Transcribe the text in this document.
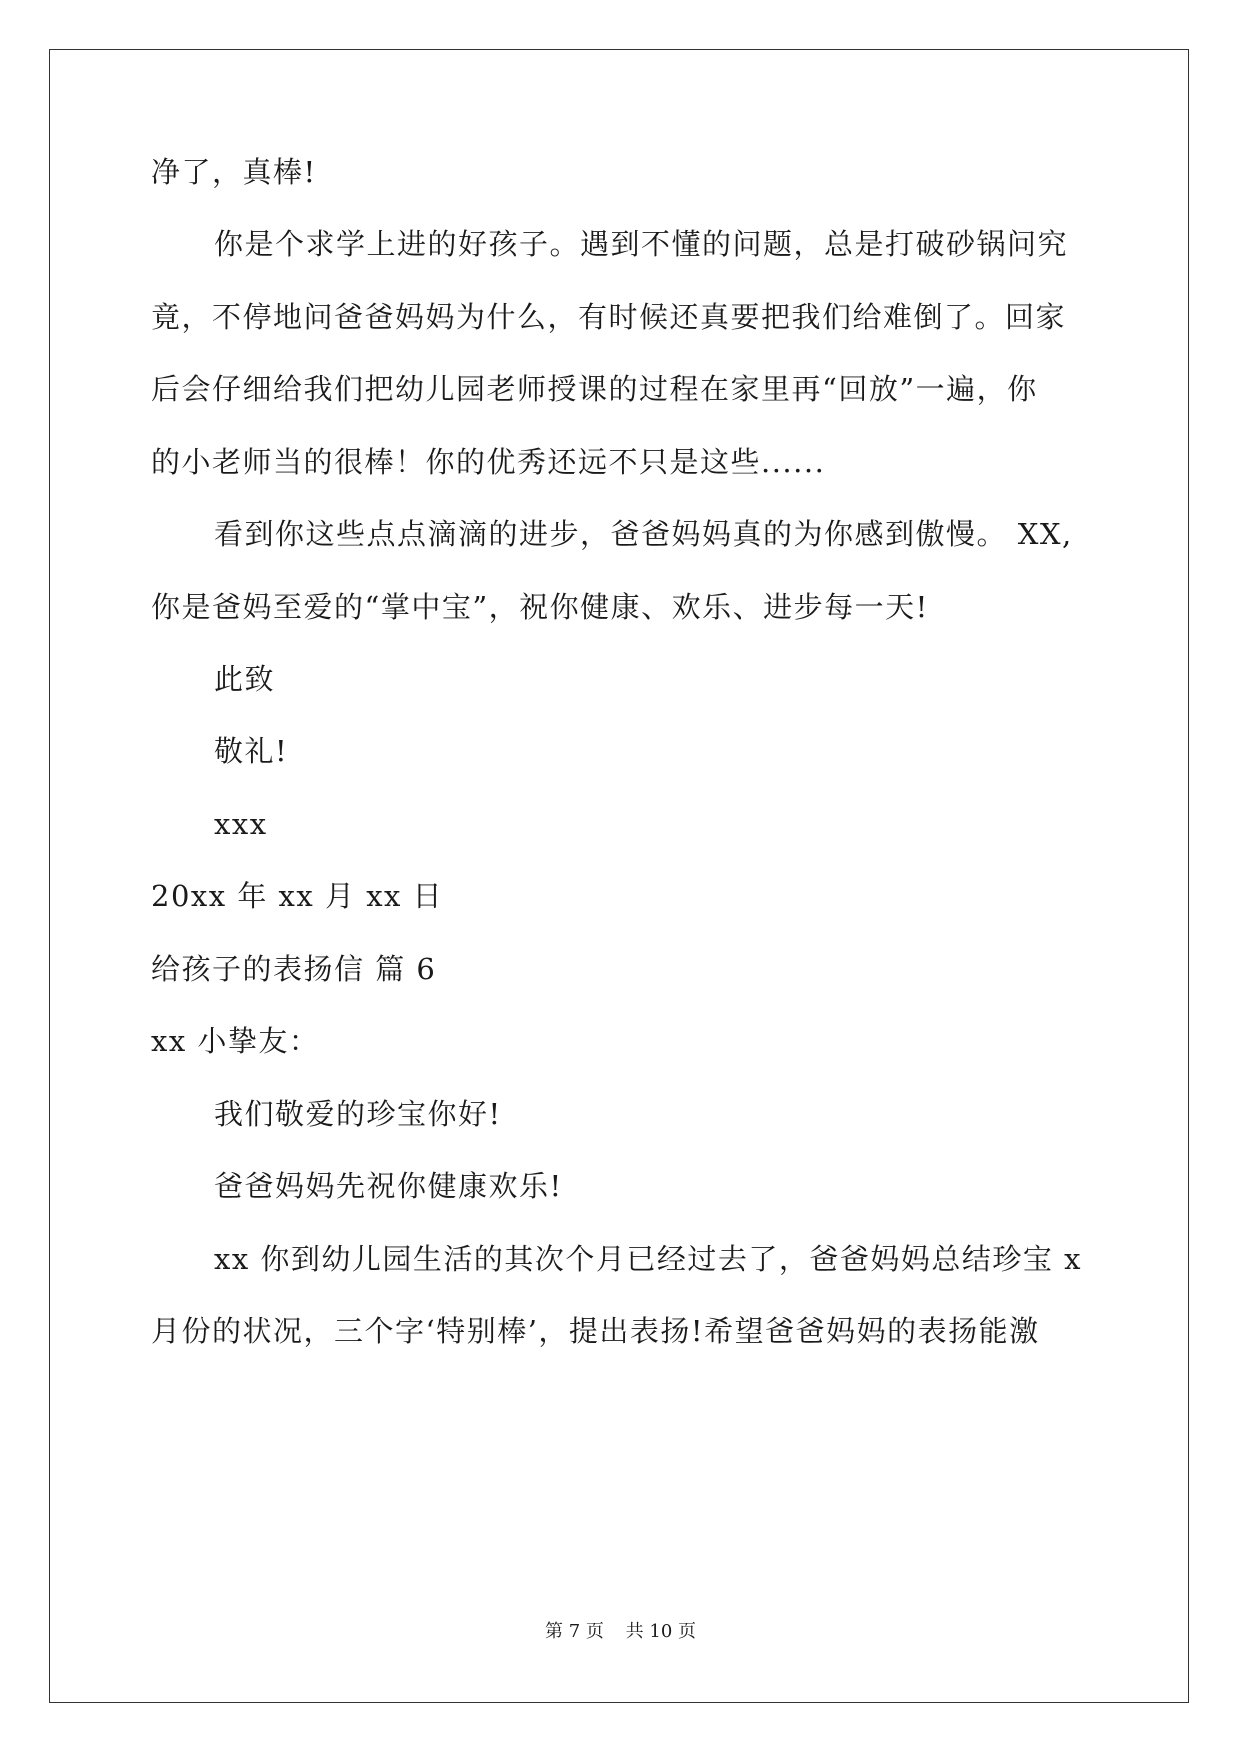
净了，真棒!
你是个求学上进的好孩子。遇到不懂的问题，总是打破砂锅问究
竟，不停地问爸爸妈妈为什么，有时候还真要把我们给难倒了。回家
后会仔细给我们把幼儿园老师授课的过程在家里再“回放”一遍，你
的小老师当的很棒！你的优秀还远不只是这些......
看到你这些点点滴滴的进步，爸爸妈妈真的为你感到傲慢。 XX,
你是爸妈至爱的“掌中宝”，祝你健康、欢乐、进步每一天!
此致
敬礼!
xxx
20xx 年 xx 月 xx 日
给孩子的表扬信 篇 6
xx 小挚友：
我们敬爱的珍宝你好!
爸爸妈妈先祝你健康欢乐!
xx 你到幼儿园生活的其次个月已经过去了，爸爸妈妈总结珍宝 x
月份的状况，三个字‘特别棒’，提出表扬!希望爸爸妈妈的表扬能激
第 7 页 共 10 页
